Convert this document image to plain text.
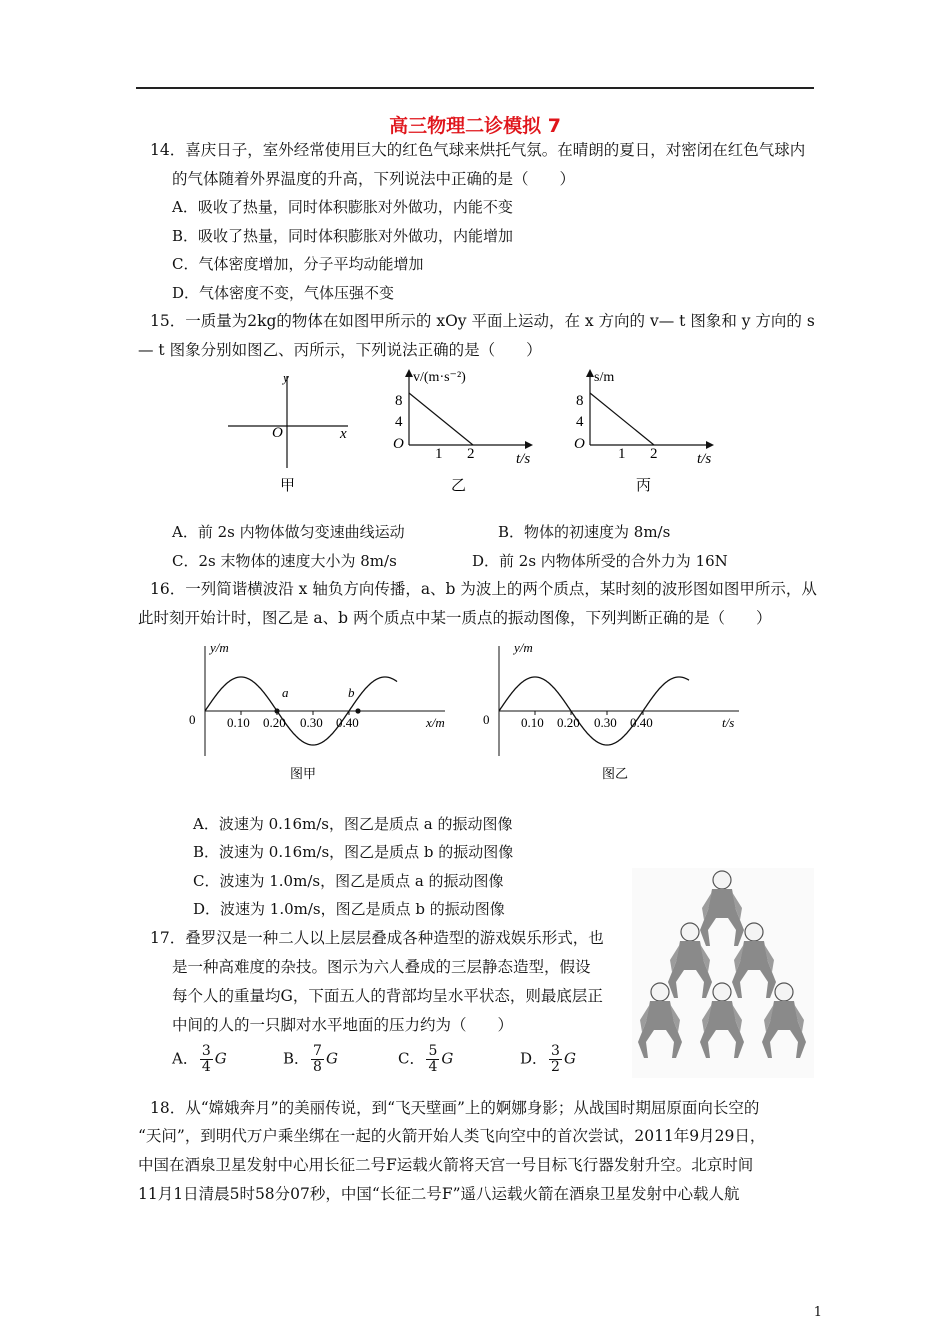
高三物理二诊模拟 7
14．喜庆日子，室外经常使用巨大的红色气球来烘托气氛。在晴朗的夏日，对密闭在红色气球内
的气体随着外界温度的升高，下列说法中正确的是（　　）
A．吸收了热量，同时体积膨胀对外做功，内能不变
B．吸收了热量，同时体积膨胀对外做功，内能增加
C．气体密度增加，分子平均动能增加
D．气体密度不变，气体压强不变
15．一质量为2kg的物体在如图甲所示的 xOy 平面上运动，在 x 方向的 v— t 图象和 y 方向的 s
— t 图象分别如图乙、丙所示，下列说法正确的是（　　）
y
x
O
甲
v/(m·s⁻²)
8
4
O
1 2	t/s
乙
s/m
8
4
O
1 2	t/s
丙
A．前 2s 内物体做匀变速曲线运动	B．物体的初速度为 8m/s
C．2s 末物体的速度大小为 8m/s	D．前 2s 内物体所受的合外力为 16N
16．一列简谐横波沿 x 轴负方向传播，a、b 为波上的两个质点，某时刻的波形图如图甲所示，从
此时刻开始计时，图乙是 a、b 两个质点中某一质点的振动图像，下列判断正确的是（　　）
a	b
y/m
0 0.10 0.20 0.30 0.40	x/m
图甲
y/m
0 0.10 0.20 0.30 0.40	t/s
图乙
A．波速为 0.16m/s，图乙是质点 a 的振动图像
B．波速为 0.16m/s，图乙是质点 b 的振动图像
C．波速为 1.0m/s，图乙是质点 a 的振动图像
D．波速为 1.0m/s，图乙是质点 b 的振动图像
17．叠罗汉是一种二人以上层层叠成各种造型的游戏娱乐形式，也
是一种高难度的杂技。图示为六人叠成的三层静态造型，假设
每个人的重量均G，下面五人的背部均呈水平状态，则最底层正
中间的人的一只脚对水平地面的压力约为（　　）
A． $\frac{3}{4}$ G	B． $\frac{7}{8}$ G	C． $\frac{5}{4}$ G	D． $\frac{3}{2}$ G
18．从“嫦娥奔月”的美丽传说，到“飞天壁画”上的婀娜身影；从战国时期屈原面向长空的
“天问”，到明代万户乘坐绑在一起的火箭开始人类飞向空中的首次尝试，2011年9月29日，
中国在酒泉卫星发射中心用长征二号F运载火箭将天宫一号目标飞行器发射升空。北京时间
11月1日清晨5时58分07秒，中国“长征二号F”遥八运载火箭在酒泉卫星发射中心载人航
1
